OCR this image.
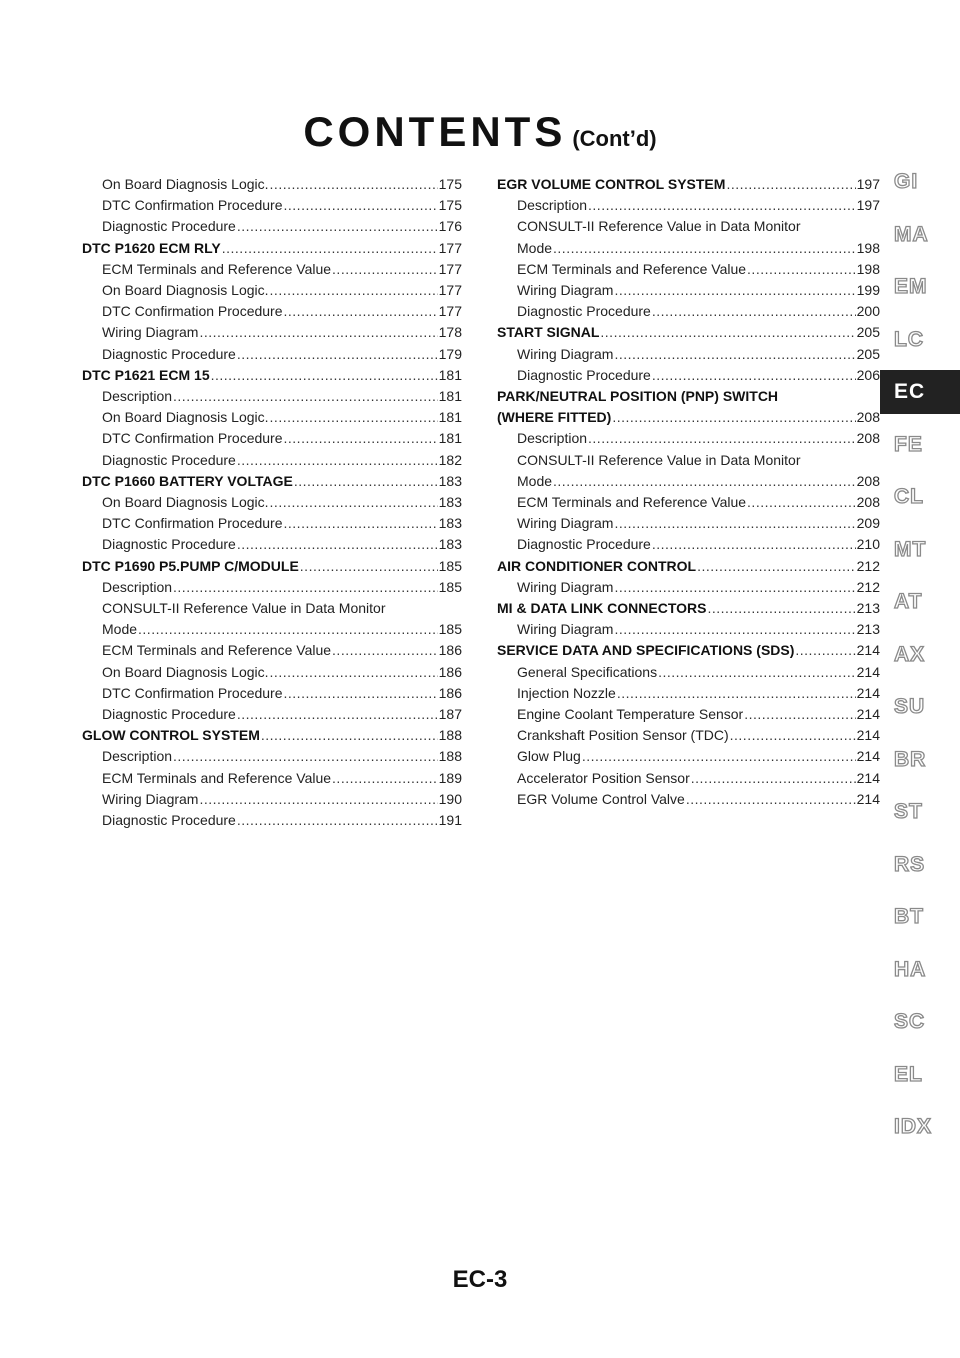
CONTENTS (Cont’d)
On Board Diagnosis Logic. .....	175
DTC Confirmation Procedure .....	175
Diagnostic Procedure .....	176
DTC P1620 ECM RLY .....	177
ECM Terminals and Reference Value .....	177
On Board Diagnosis Logic. .....	177
DTC Confirmation Procedure .....	177
Wiring Diagram .....	178
Diagnostic Procedure .....	179
DTC P1621 ECM 15 .....	181
Description .....	181
On Board Diagnosis Logic. .....	181
DTC Confirmation Procedure .....	181
Diagnostic Procedure .....	182
DTC P1660 BATTERY VOLTAGE .....	183
On Board Diagnosis Logic. .....	183
DTC Confirmation Procedure .....	183
Diagnostic Procedure .....	183
DTC P1690 P5.PUMP C/MODULE .....	185
Description .....	185
CONSULT-II Reference Value in Data Monitor
Mode .....	185
ECM Terminals and Reference Value .....	186
On Board Diagnosis Logic. .....	186
DTC Confirmation Procedure .....	186
Diagnostic Procedure .....	187
GLOW CONTROL SYSTEM .....	188
Description .....	188
ECM Terminals and Reference Value .....	189
Wiring Diagram .....	190
Diagnostic Procedure .....	191
EGR VOLUME CONTROL SYSTEM .....	197
Description .....	197
CONSULT-II Reference Value in Data Monitor
Mode .....	198
ECM Terminals and Reference Value .....	198
Wiring Diagram .....	199
Diagnostic Procedure .....	200
START SIGNAL .....	205
Wiring Diagram .....	205
Diagnostic Procedure .....	206
PARK/NEUTRAL POSITION (PNP) SWITCH
(WHERE FITTED) .....	208
Description .....	208
CONSULT-II Reference Value in Data Monitor
Mode .....	208
ECM Terminals and Reference Value .....	208
Wiring Diagram .....	209
Diagnostic Procedure .....	210
AIR CONDITIONER CONTROL .....	212
Wiring Diagram .....	212
MI & DATA LINK CONNECTORS .....	213
Wiring Diagram .....	213
SERVICE DATA AND SPECIFICATIONS (SDS) .....	214
General Specifications .....	214
Injection Nozzle .....	214
Engine Coolant Temperature Sensor .....	214
Crankshaft Position Sensor (TDC) .....	214
Glow Plug .....	214
Accelerator Position Sensor .....	214
EGR Volume Control Valve .....	214
GI
MA
EM
LC
EC
FE
CL
MT
AT
AX
SU
BR
ST
RS
BT
HA
SC
EL
IDX
EC-3
